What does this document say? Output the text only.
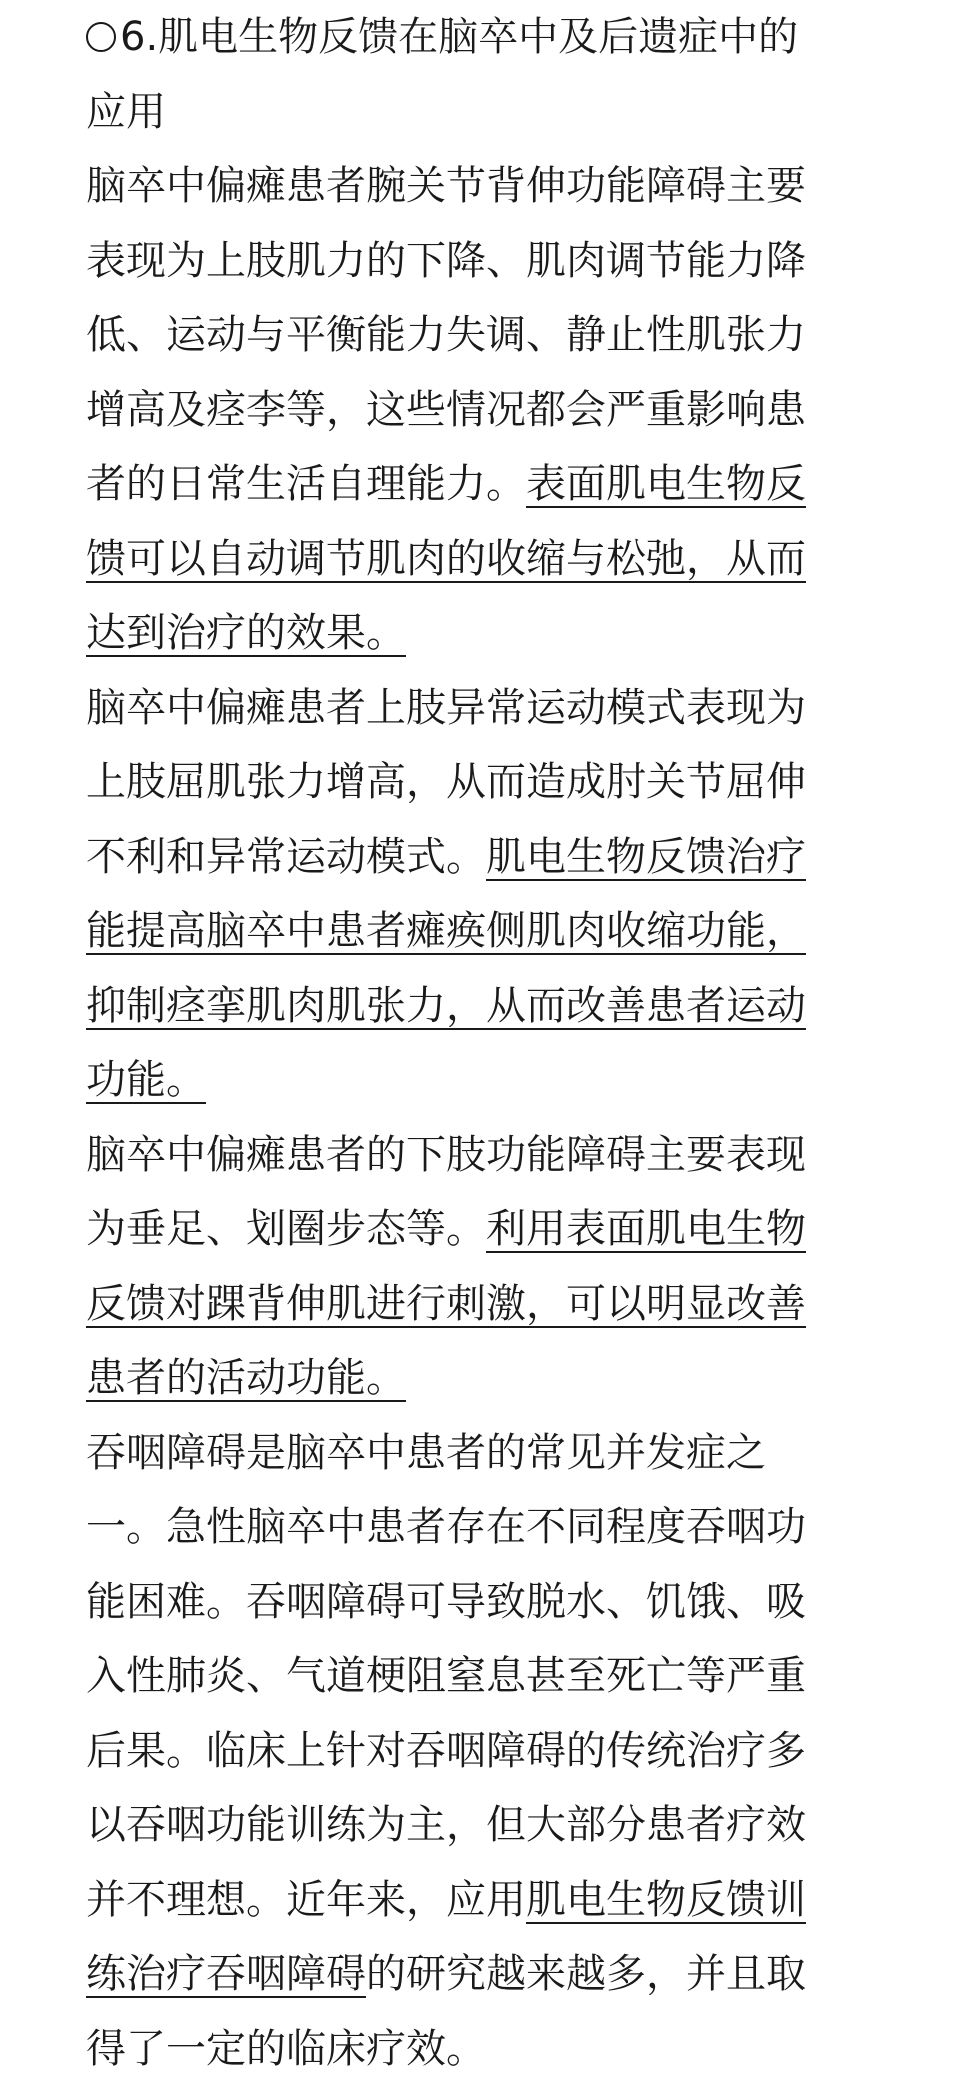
6.肌电生物反馈在脑卒中及后遗症中的
应用
脑卒中偏瘫患者腕关节背伸功能障碍主要
表现为上肢肌力的下降、肌肉调节能力降
低、运动与平衡能力失调、静止性肌张力
增高及痉李等，这些情况都会严重影响患
者的日常生活自理能力。表面肌电生物反
馈可以自动调节肌肉的收缩与松弛，从而
达到治疗的效果。
脑卒中偏瘫患者上肢异常运动模式表现为
上肢屈肌张力增高，从而造成肘关节屈伸
不利和异常运动模式。肌电生物反馈治疗
能提高脑卒中患者瘫痪侧肌肉收缩功能，
抑制痉挛肌肉肌张力，从而改善患者运动
功能。
脑卒中偏瘫患者的下肢功能障碍主要表现
为垂足、划圈步态等。利用表面肌电生物
反馈对踝背伸肌进行刺激，可以明显改善
患者的活动功能。
吞咽障碍是脑卒中患者的常见并发症之
一。急性脑卒中患者存在不同程度吞咽功
能困难。吞咽障碍可导致脱水、饥饿、吸
入性肺炎、气道梗阻窒息甚至死亡等严重
后果。临床上针对吞咽障碍的传统治疗多
以吞咽功能训练为主，但大部分患者疗效
并不理想。近年来，应用肌电生物反馈训
练治疗吞咽障碍的研究越来越多，并且取
得了一定的临床疗效。
